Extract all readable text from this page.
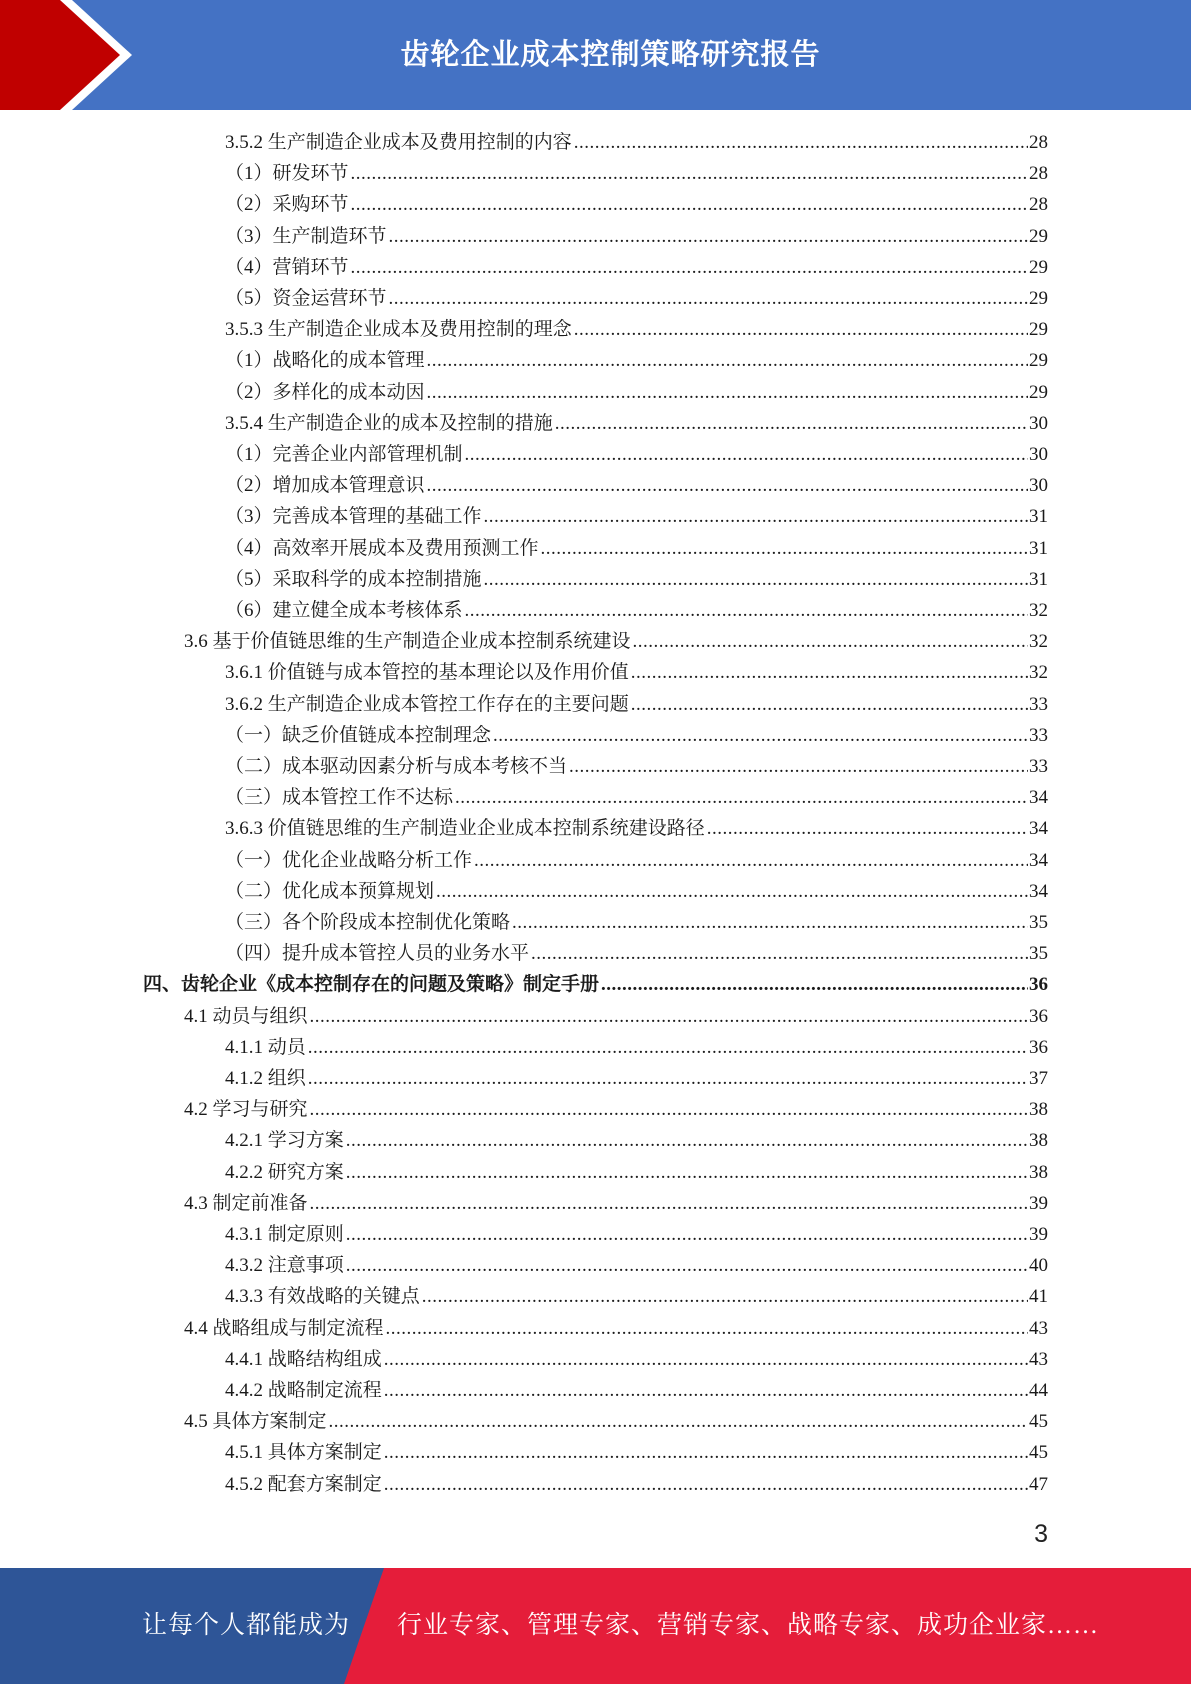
齿轮企业成本控制策略研究报告
3.5.2 生产制造企业成本及费用控制的内容 .....	28
（1）研发环节 .....	28
（2）采购环节 .....	28
（3）生产制造环节 .....	29
（4）营销环节 .....	29
（5）资金运营环节 .....	29
3.5.3 生产制造企业成本及费用控制的理念 .....	29
（1）战略化的成本管理 .....	29
（2）多样化的成本动因 .....	29
3.5.4 生产制造企业的成本及控制的措施 .....	30
（1）完善企业内部管理机制 .....	30
（2）增加成本管理意识 .....	30
（3）完善成本管理的基础工作 .....	31
（4）高效率开展成本及费用预测工作 .....	31
（5）采取科学的成本控制措施 .....	31
（6）建立健全成本考核体系 .....	32
3.6 基于价值链思维的生产制造企业成本控制系统建设 .....	32
3.6.1 价值链与成本管控的基本理论以及作用价值 .....	32
3.6.2 生产制造企业成本管控工作存在的主要问题 .....	33
（一）缺乏价值链成本控制理念 .....	33
（二）成本驱动因素分析与成本考核不当 .....	33
（三）成本管控工作不达标 .....	34
3.6.3 价值链思维的生产制造业企业成本控制系统建设路径 .....	34
（一）优化企业战略分析工作 .....	34
（二）优化成本预算规划 .....	34
（三）各个阶段成本控制优化策略 .....	35
（四）提升成本管控人员的业务水平 .....	35
四、齿轮企业《成本控制存在的问题及策略》制定手册 .....	36
4.1 动员与组织 .....	36
4.1.1 动员 .....	36
4.1.2 组织 .....	37
4.2 学习与研究 .....	38
4.2.1 学习方案 .....	38
4.2.2 研究方案 .....	38
4.3 制定前准备 .....	39
4.3.1 制定原则 .....	39
4.3.2 注意事项 .....	40
4.3.3 有效战略的关键点 .....	41
4.4 战略组成与制定流程 .....	43
4.4.1 战略结构组成 .....	43
4.4.2 战略制定流程 .....	44
4.5 具体方案制定 .....	45
4.5.1 具体方案制定 .....	45
4.5.2 配套方案制定 .....	47
3
让每个人都能成为 行业专家、管理专家、营销专家、战略专家、成功企业家……
